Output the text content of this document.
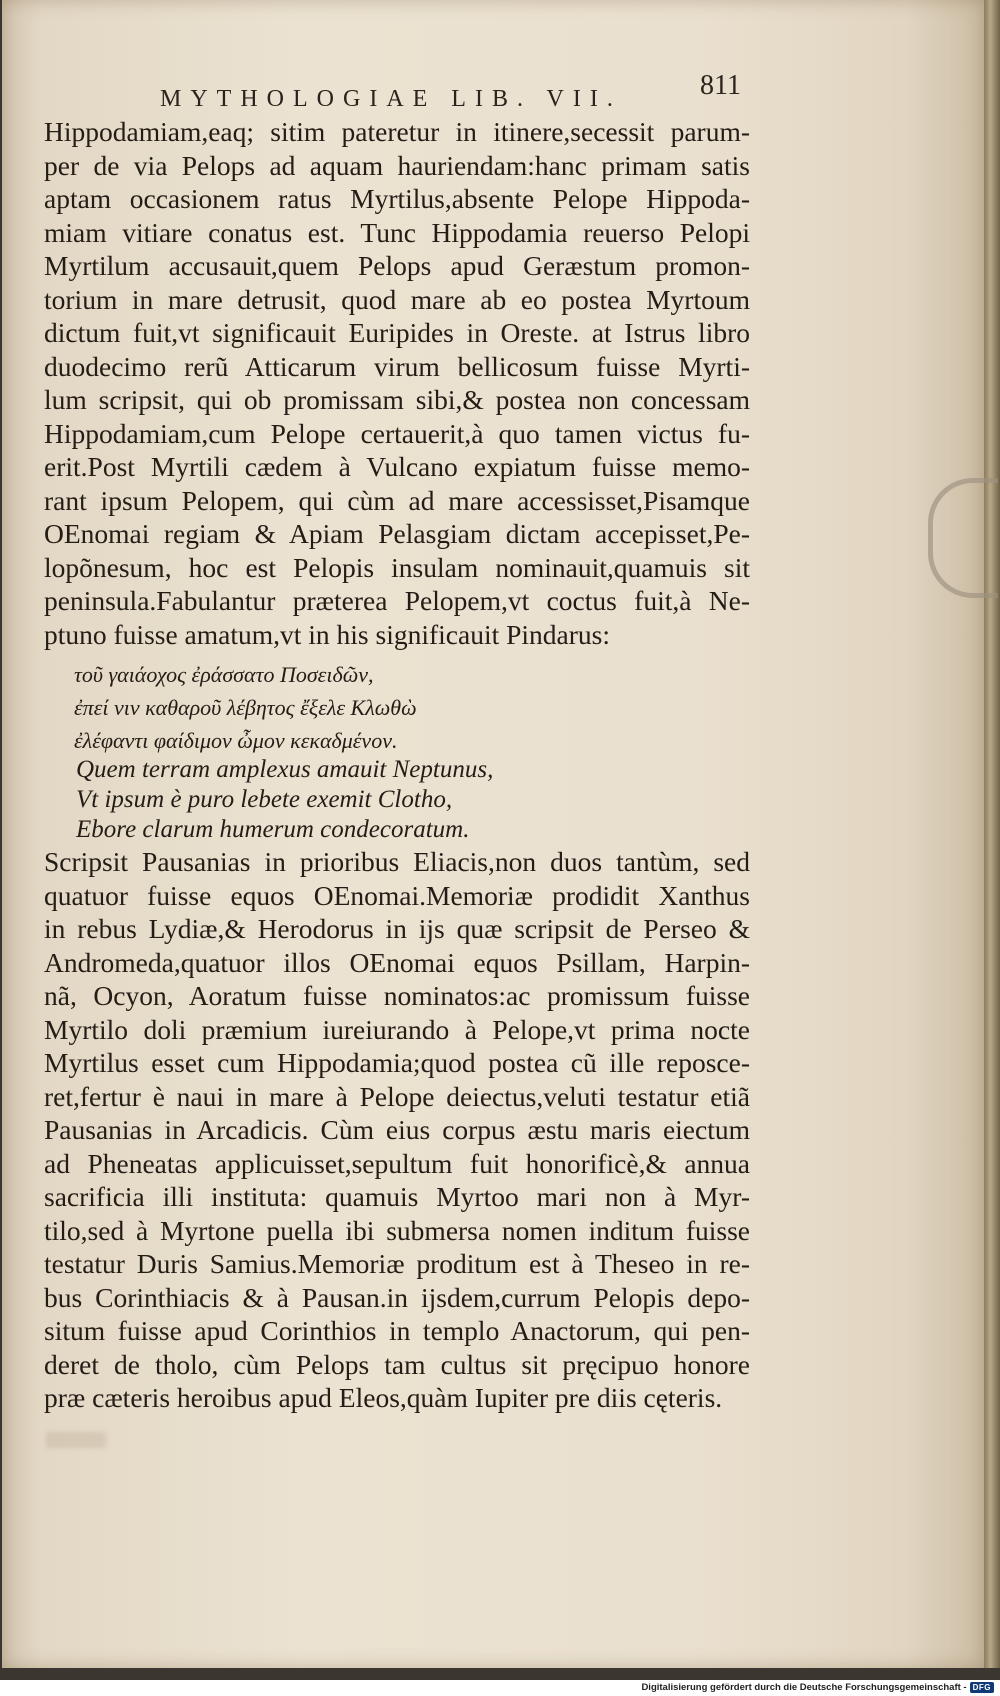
MYTHOLOGIAE LIB. VII.	811
Hippodamiam,eaq; sitim pateretur in itinere,secessit parum-
per de via Pelops ad aquam hauriendam:hanc primam satis
aptam occasionem ratus Myrtilus,absente Pelope Hippoda-
miam vitiare conatus est. Tunc Hippodamia reuerso Pelopi
Myrtilum accusauit,quem Pelops apud Geræstum promon-
torium in mare detrusit, quod mare ab eo postea Myrtoum
dictum fuit,vt significauit Euripides in Oreste. at Istrus libro
duodecimo rerũ Atticarum virum bellicosum fuisse Myrti-
lum scripsit, qui ob promissam sibi,& postea non concessam
Hippodamiam,cum Pelope certauerit,à quo tamen victus fu-
erit.Post Myrtili cædem à Vulcano expiatum fuisse memo-
rant ipsum Pelopem, qui cùm ad mare accessisset,Pisamque
OEnomai regiam & Apiam Pelasgiam dictam accepisset,Pe-
lopõnesum, hoc est Pelopis insulam nominauit,quamuis sit
peninsula.Fabulantur præterea Pelopem,vt coctus fuit,à Ne-
ptuno fuisse amatum,vt in his significauit Pindarus:
τοῦ γαιάοχος ἐράσσατο Ποσειδῶν,
ἐπεί νιν καθαροῦ λέβητος ἔξελε Κλωθὼ
ἐλέφαντι φαίδιμον ὦμον κεκαδμένον.
Quem terram amplexus amauit Neptunus,
Vt ipsum è puro lebete exemit Clotho,
Ebore clarum humerum condecoratum.
Scripsit Pausanias in prioribus Eliacis,non duos tantùm, sed
quatuor fuisse equos OEnomai.Memoriæ prodidit Xanthus
in rebus Lydiæ,& Herodorus in ijs quæ scripsit de Perseo &
Andromeda,quatuor illos OEnomai equos Psillam, Harpin-
nã, Ocyon, Aoratum fuisse nominatos:ac promissum fuisse
Myrtilo doli præmium iureiurando à Pelope,vt prima nocte
Myrtilus esset cum Hippodamia;quod postea cũ ille reposce-
ret,fertur è naui in mare à Pelope deiectus,veluti testatur etiã
Pausanias in Arcadicis. Cùm eius corpus æstu maris eiectum
ad Pheneatas applicuisset,sepultum fuit honorificè,& annua
sacrificia illi instituta: quamuis Myrtoo mari non à Myr-
tilo,sed à Myrtone puella ibi submersa nomen inditum fuisse
testatur Duris Samius.Memoriæ proditum est à Theseo in re-
bus Corinthiacis & à Pausan.in ijsdem,currum Pelopis depo-
situm fuisse apud Corinthios in templo Anactorum, qui pen-
deret de tholo, cùm Pelops tam cultus sit pręcipuo honore
præ cæteris heroibus apud Eleos,quàm Iupiter pre diis cęteris.
Digitalisierung gefördert durch die Deutsche Forschungsgemeinschaft - DFG
